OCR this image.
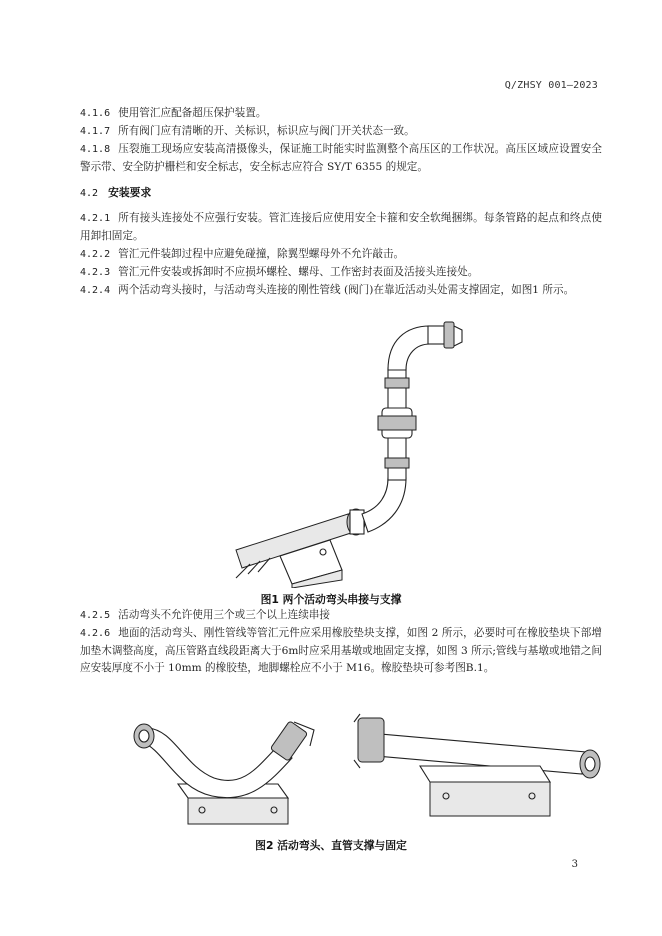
Q/ZHSY 001—2023
4.1.6 使用管汇应配备超压保护装置。
4.1.7 所有阀门应有清晰的开、关标识，标识应与阀门开关状态一致。
4.1.8 压裂施工现场应安装高清摄像头，保证施工时能实时监测整个高压区的工作状况。高压区域应设置安全警示带、安全防护栅栏和安全标志，安全标志应符合 SY/T 6355 的规定。
4.2 安装要求
4.2.1 所有接头连接处不应强行安装。管汇连接后应使用安全卡箍和安全软绳捆绑。每条管路的起点和终点使用卸扣固定。
4.2.2 管汇元件装卸过程中应避免碰撞，除翼型螺母外不允许敲击。
4.2.3 管汇元件安装或拆卸时不应损坏螺栓、螺母、工作密封表面及活接头连接处。
4.2.4 两个活动弯头接时，与活动弯头连接的刚性管线 (阀门)在靠近活动头处需支撑固定，如图1 所示。
图1 两个活动弯头串接与支撑
4.2.5 活动弯头不允许使用三个或三个以上连续串接
4.2.6 地面的活动弯头、刚性管线等管汇元件应采用橡胶垫块支撑，如图 2 所示，必要时可在橡胶垫块下部增加垫木调整高度，高压管路直线段距离大于6m时应采用基墩或地固定支撑，如图 3 所示;管线与基墩或地错之间应安装厚度不小于 10mm 的橡胶垫，地脚螺栓应不小于 M16。橡胶垫块可参考图B.1。
图2 活动弯头、直管支撑与固定
3
